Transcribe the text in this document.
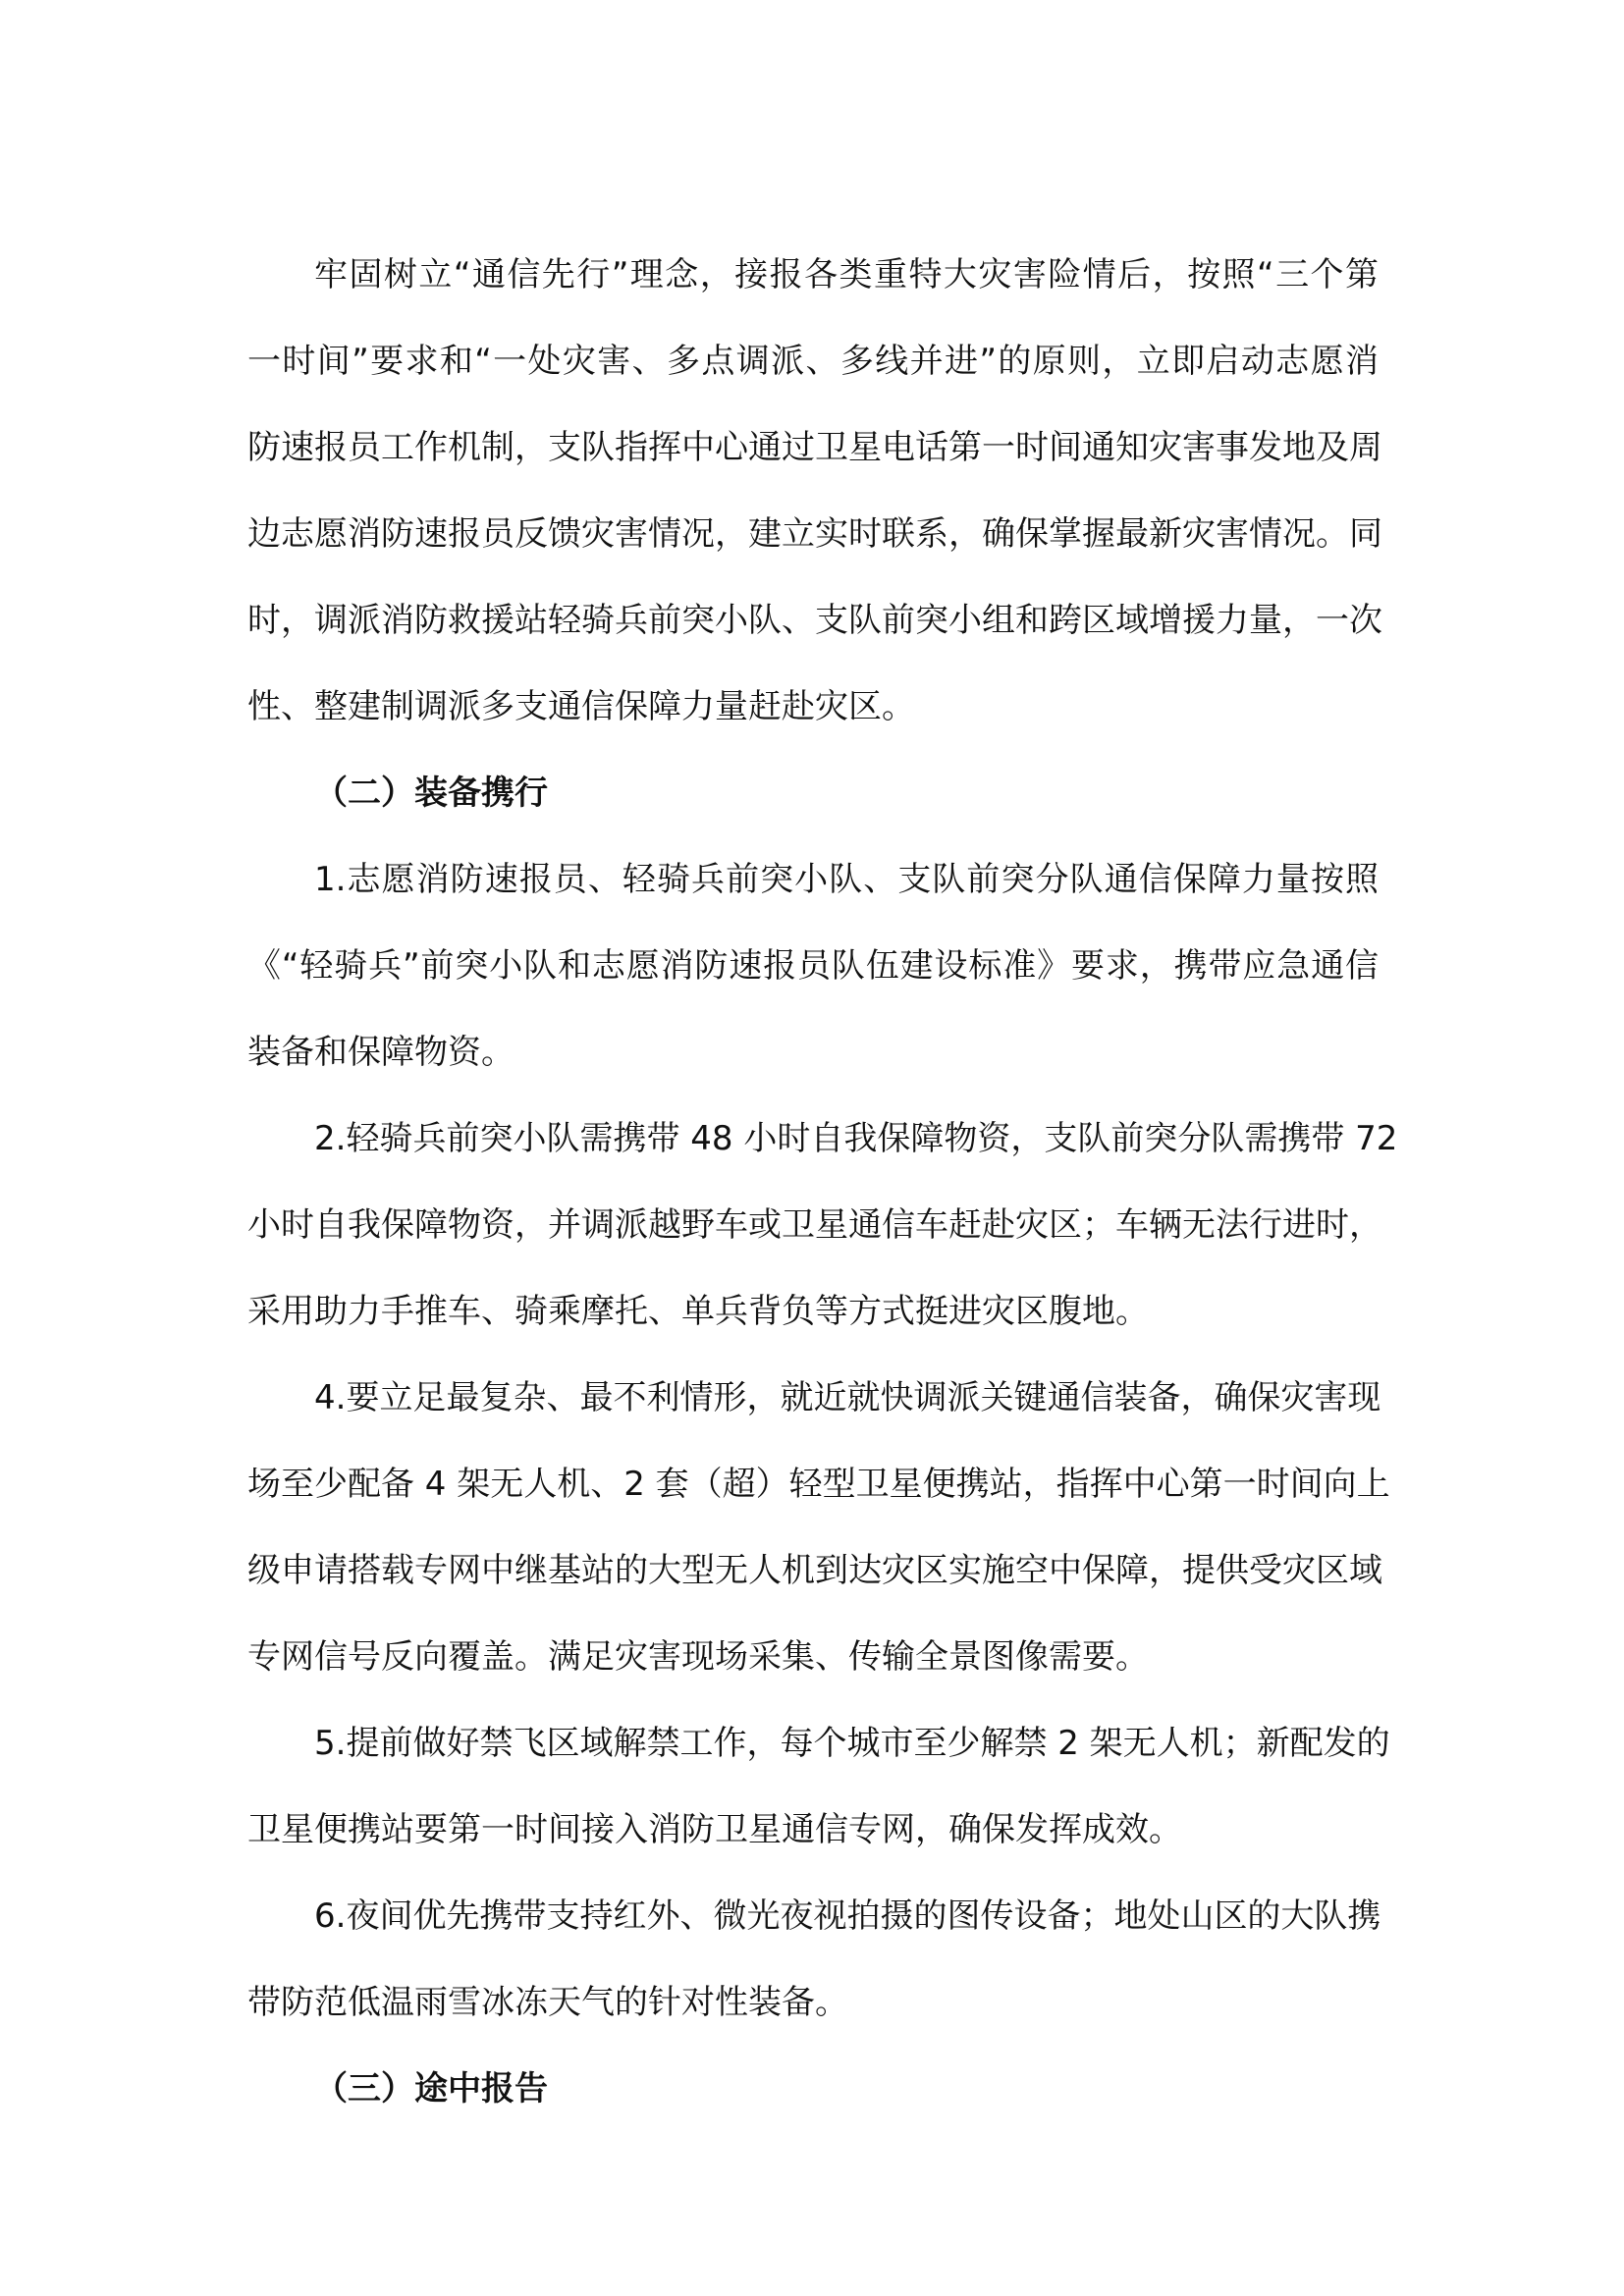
牢固树立“通信先行”理念，接报各类重特大灾害险情后，按照“三个第
一时间”要求和“一处灾害、多点调派、多线并进”的原则，立即启动志愿消
防速报员工作机制，支队指挥中心通过卫星电话第一时间通知灾害事发地及周
边志愿消防速报员反馈灾害情况，建立实时联系，确保掌握最新灾害情况。同
时，调派消防救援站轻骑兵前突小队、支队前突小组和跨区域增援力量，一次
性、整建制调派多支通信保障力量赶赴灾区。
（二）装备携行
1.志愿消防速报员、轻骑兵前突小队、支队前突分队通信保障力量按照
《“轻骑兵”前突小队和志愿消防速报员队伍建设标准》要求，携带应急通信
装备和保障物资。
2.轻骑兵前突小队需携带 48 小时自我保障物资，支队前突分队需携带 72
小时自我保障物资，并调派越野车或卫星通信车赶赴灾区；车辆无法行进时，
采用助力手推车、骑乘摩托、单兵背负等方式挺进灾区腹地。
4.要立足最复杂、最不利情形，就近就快调派关键通信装备，确保灾害现
场至少配备 4 架无人机、2 套（超）轻型卫星便携站，指挥中心第一时间向上
级申请搭载专网中继基站的大型无人机到达灾区实施空中保障，提供受灾区域
专网信号反向覆盖。满足灾害现场采集、传输全景图像需要。
5.提前做好禁飞区域解禁工作，每个城市至少解禁 2 架无人机；新配发的
卫星便携站要第一时间接入消防卫星通信专网，确保发挥成效。
6.夜间优先携带支持红外、微光夜视拍摄的图传设备；地处山区的大队携
带防范低温雨雪冰冻天气的针对性装备。
（三）途中报告
